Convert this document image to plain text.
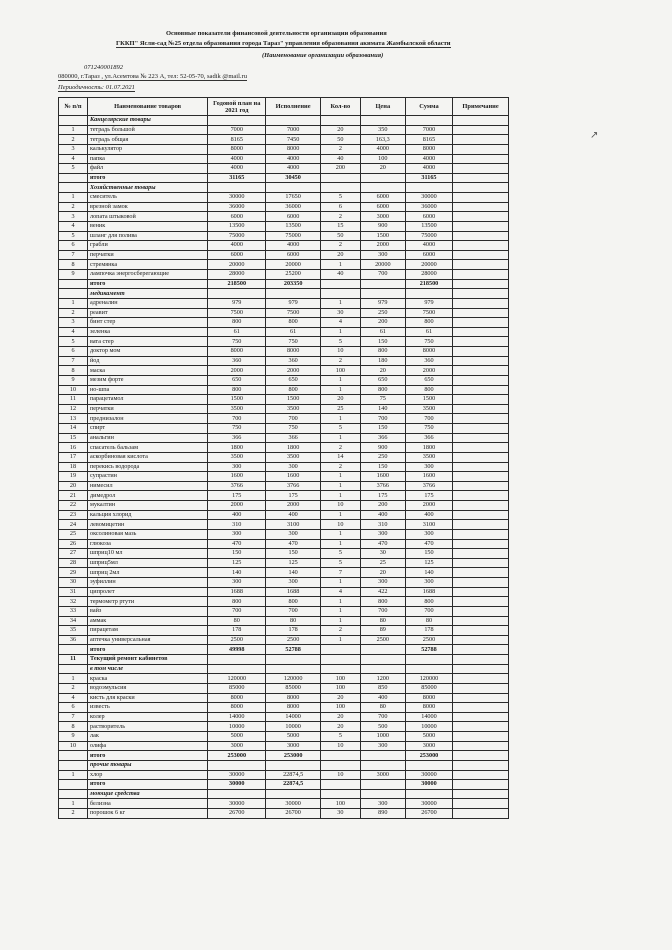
Основные показатели финансовой деятельности организации образования
ГККП" Ясли-сад №25 отдела образования города Тараз" управления образования акимата Жамбылской области
(Наименование организации образования)
071240001892
080000, г.Тараз , ул.Асемтова № 223 А, тел: 52-05-70, sadik @mail.ru
Периодичность: 01.07.2021
№ п/п	Наименование товаров	Годовой план на 2021 год	Исполнение	Кол-во	Цена	Сумма	Примечание
	Канцелярские товары						
1	тетрадь большой	7000	7000	20	350	7000	
2	тетрадь общая	8165	7450	50	163,3	8165	
3	калькулятор	8000	8000	2	4000	8000	
4	папка	4000	4000	40	100	4000	
5	файл	4000	4000	200	20	4000	
	итого	31165	30450			31165	
	Хозяйственные товары						
1	смеситель	30000	17650	5	6000	30000	
2	врезной замок	36000	36000	6	6000	36000	
3	лопата штыковой	6000	6000	2	3000	6000	
4	веник	13500	13500	15	900	13500	
5	шланг для полива	75000	75000	50	1500	75000	
6	грабли	4000	4000	2	2000	4000	
7	перчатки	6000	6000	20	300	6000	
8	стремянка	20000	20000	1	20000	20000	
9	лампочка энергосберегающие	28000	25200	40	700	28000	
	итого	218500	203350			218500	
	медикамент						
1	адреналин	979	979	1	979	979	
2	реавит	7500	7500	30	250	7500	
3	бинт стер	800	800	4	200	800	
4	зеленка	61	61	1	61	61	
5	вата стер	750	750	5	150	750	
6	доктор мом	8000	8000	10	800	8000	
7	йод	360	360	2	180	360	
8	маска	2000	2000	100	20	2000	
9	мезим форте	650	650	1	650	650	
10	но-шпа	800	800	1	800	800	
11	парацетамол	1500	1500	20	75	1500	
12	перчатки	3500	3500	25	140	3500	
13	преднизалон	700	700	1	700	700	
14	спирт	750	750	5	150	750	
15	анальгин	366	366	1	366	366	
16	спасатель бальзам	1800	1800	2	900	1800	
17	аскорбиновая кислота	3500	3500	14	250	3500	
18	перекись водорода	300	300	2	150	300	
19	супрастин	1600	1600	1	1600	1600	
20	нимесил	3766	3766	1	3766	3766	
21	димедрол	175	175	1	175	175	
22	мукалтин	2000	2000	10	200	2000	
23	кальция хлорид	400	400	1	400	400	
24	левомицетин	310	3100	10	310	3100	
25	оксолиновая мазь	300	300	1	300	300	
26	глюкоза	470	470	1	470	470	
27	шприц10 мл	150	150	5	30	150	
28	шприц5мл	125	125	5	25	125	
29	шприц 2мл	140	140	7	20	140	
30	эуфиллин	300	300	1	300	300	
31	ципролет	1688	1688	4	422	1688	
32	термометр ртути	800	800	1	800	800	
33	вайз	700	700	1	700	700	
34	аммак	80	80	1	80	80	
35	пирацетам	178	178	2	89	178	
36	аптечка универсальная	2500	2500	1	2500	2500	
	итого	49998	52788			52788	
11	Текущий ремонт кабинетов						
	в том числе						
1	краска	120000	120000	100	1200	120000	
2	водоэмульсия	85000	85000	100	850	85000	
4	кисть для краски	8000	8000	20	400	8000	
6	известь	8000	8000	100	80	8000	
7	колер	14000	14000	20	700	14000	
8	растворитель	10000	10000	20	500	10000	
9	лак	5000	5000	5	1000	5000	
10	олифа	3000	3000	10	300	3000	
	итого	253000	253000			253000	
	прочие товары						
1	хлор	30000	22874,5	10	3000	30000	
	итого	30000	22874,5			30000	
	моющие средства						
1	белизна	30000	30000	100	300	30000	
2	порошок 6 кг	26700	26700	30	890	26700	
↗
